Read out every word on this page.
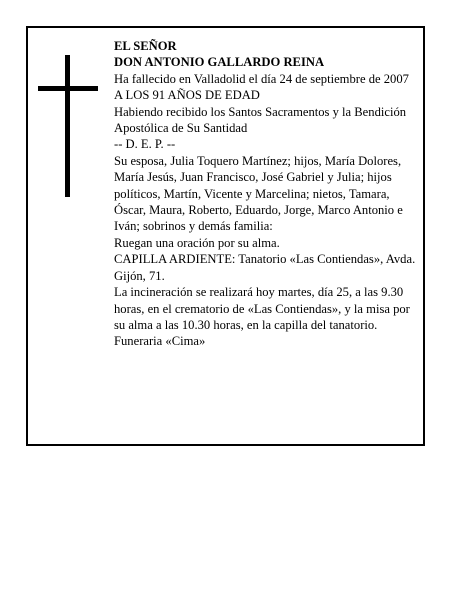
EL SEÑOR

DON ANTONIO GALLARDO REINA

Ha fallecido en Valladolid el día 24 de septiembre de 2007

A LOS 91 AÑOS DE EDAD

Habiendo recibido los Santos Sacramentos y la Bendición Apostólica de Su Santidad

-- D. E. P. --

Su esposa, Julia Toquero Martínez; hijos, María Dolores, María Jesús, Juan Francisco, José Gabriel y Julia; hijos políticos, Martín, Vicente y Marcelina; nietos, Tamara, Óscar, Maura, Roberto, Eduardo, Jorge, Marco Antonio e Iván; sobrinos y demás familia:

Ruegan una oración por su alma.

CAPILLA ARDIENTE: Tanatorio «Las Contiendas», Avda. Gijón, 71.

La incineración se realizará hoy martes, día 25, a las 9.30 horas, en el crematorio de «Las Contiendas», y la misa por su alma a las 10.30 horas, en la capilla del tanatorio.

Funeraria «Cima»
